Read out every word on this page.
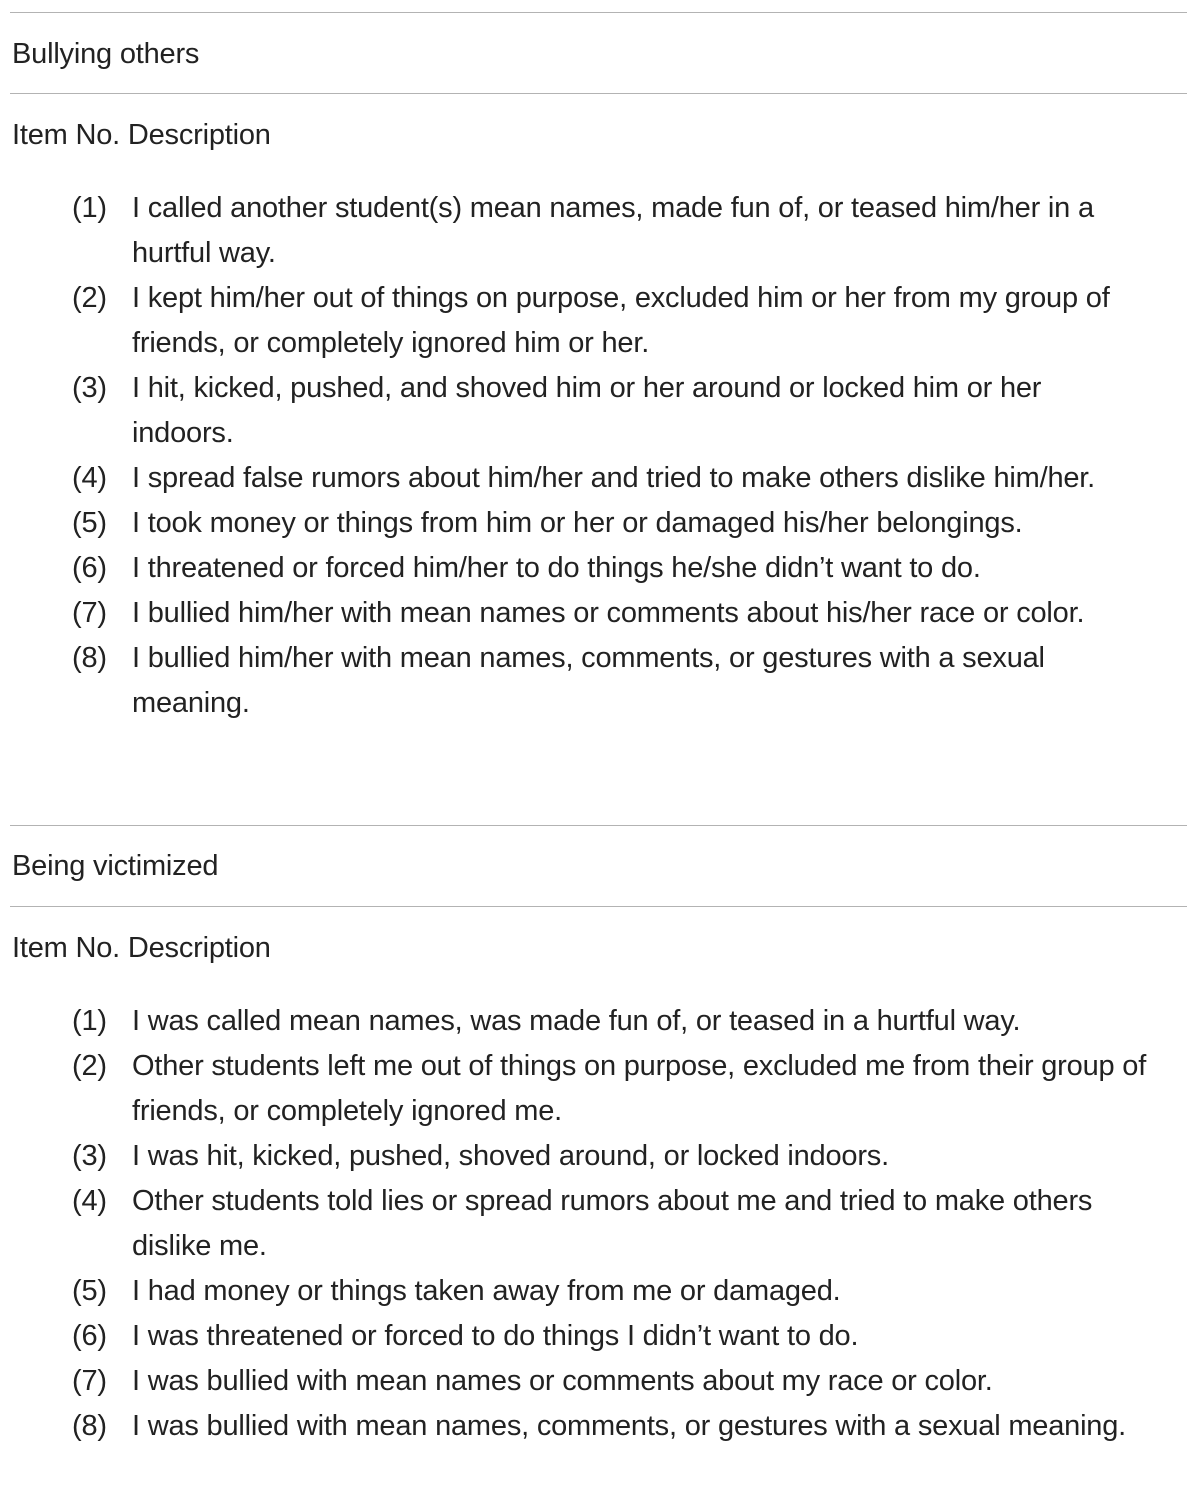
Bullying others
Item No. Description
(1) I called another student(s) mean names, made fun of, or teased him/her in a hurtful way.
(2) I kept him/her out of things on purpose, excluded him or her from my group of friends, or completely ignored him or her.
(3) I hit, kicked, pushed, and shoved him or her around or locked him or her indoors.
(4) I spread false rumors about him/her and tried to make others dislike him/her.
(5) I took money or things from him or her or damaged his/her belongings.
(6) I threatened or forced him/her to do things he/she didn’t want to do.
(7) I bullied him/her with mean names or comments about his/her race or color.
(8) I bullied him/her with mean names, comments, or gestures with a sexual meaning.
Being victimized
Item No. Description
(1) I was called mean names, was made fun of, or teased in a hurtful way.
(2) Other students left me out of things on purpose, excluded me from their group of friends, or completely ignored me.
(3) I was hit, kicked, pushed, shoved around, or locked indoors.
(4) Other students told lies or spread rumors about me and tried to make others dislike me.
(5) I had money or things taken away from me or damaged.
(6) I was threatened or forced to do things I didn’t want to do.
(7) I was bullied with mean names or comments about my race or color.
(8) I was bullied with mean names, comments, or gestures with a sexual meaning.
